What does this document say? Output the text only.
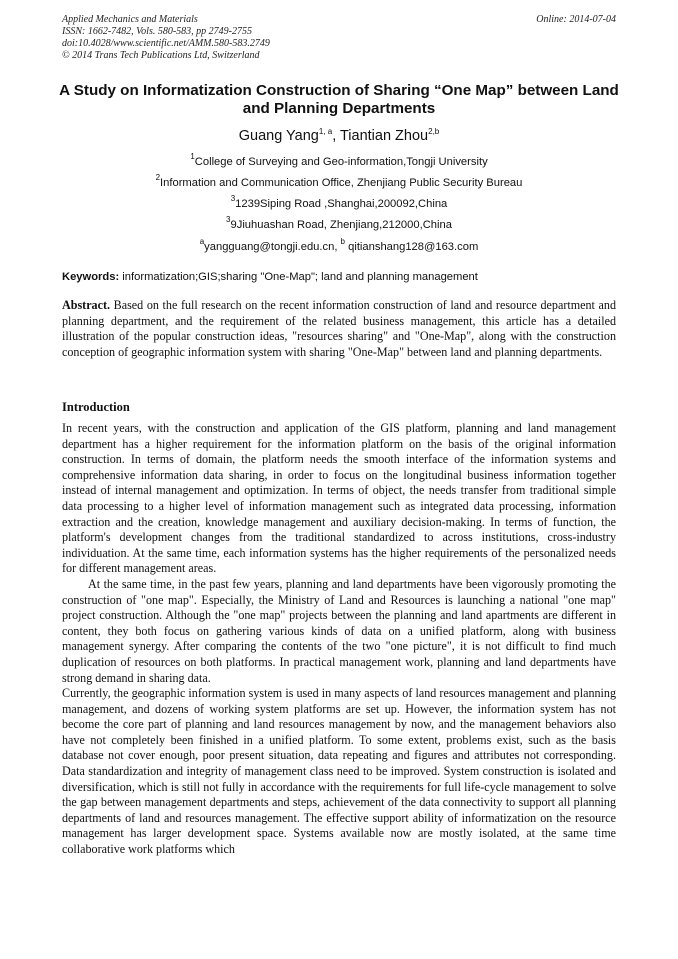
Applied Mechanics and Materials
ISSN: 1662-7482, Vols. 580-583, pp 2749-2755
doi:10.4028/www.scientific.net/AMM.580-583.2749
© 2014 Trans Tech Publications Ltd, Switzerland
Online: 2014-07-04
A Study on Informatization Construction of Sharing “One Map” between Land and Planning Departments
Guang Yang$^{1, a}$, Tiantian Zhou$^{2,b}$
$^1$College of Surveying and Geo-information,Tongji University
$^2$Information and Communication Office, Zhenjiang Public Security Bureau
$^3$1239Siping Road ,Shanghai,200092,China
$^3$9Jiuhuashan Road, Zhenjiang,212000,China
$^a$yangguang@tongji.edu.cn, $^b$ qitianshang128@163.com
Keywords: informatization;GIS;sharing "One-Map"; land and planning management
Abstract. Based on the full research on the recent information construction of land and resource department and planning department, and the requirement of the related business management, this article has a detailed illustration of the popular construction ideas, "resources sharing" and "One-Map", along with the construction conception of geographic information system with sharing "One-Map" between land and planning departments.
Introduction

In recent years, with the construction and application of the GIS platform, planning and land management department has a higher requirement for the information platform on the basis of the original information construction. In terms of domain, the platform needs the smooth interface of the information systems and comprehensive information data sharing, in order to focus on the longitudinal business information together instead of internal management and optimization. In terms of object, the needs transfer from traditional simple data processing to a higher level of information management such as integrated data processing, information extraction and the creation, knowledge management and auxiliary decision-making. In terms of function, the platform's development changes from the traditional standardized to across institutions, cross-industry individuation. At the same time, each information systems has the higher requirements of the personalized needs for different management areas.

At the same time, in the past few years, planning and land departments have been vigorously promoting the construction of "one map". Especially, the Ministry of Land and Resources is launching a national "one map" project construction. Although the "one map" projects between the planning and land apartments are different in content, they both focus on gathering various kinds of data on a unified platform, along with business management synergy. After comparing the contents of the two "one picture", it is not difficult to find much duplication of resources on both platforms. In practical management work, planning and land departments have strong demand in sharing data.

Currently, the geographic information system is used in many aspects of land resources management and planning management, and dozens of working system platforms are set up. However, the information system has not become the core part of planning and land resources management by now, and the management behaviors also have not completely been finished in a unified platform. To some extent, problems exist, such as the basis database not cover enough, poor present situation, data repeating and figures and attributes not corresponding. Data standardization and integrity of management class need to be improved. System construction is isolated and diversification, which is still not fully in accordance with the requirements for full life-cycle management to solve the gap between management departments and steps, achievement of the data connectivity to support all planning departments of land and resources management. The effective support ability of informatization on the resource management has larger development space. Systems available now are mostly isolated, at the same time collaborative work platforms which
